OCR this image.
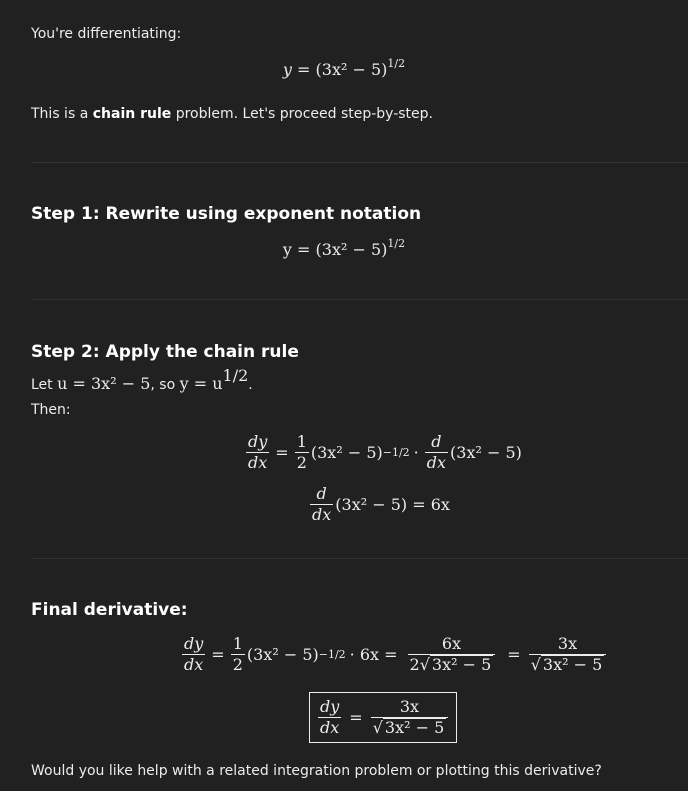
You're differentiating:
$y = (3x^2 - 5)^{1/2}$
This is a chain rule problem. Let's proceed step-by-step.
Step 1: Rewrite using exponent notation
$y = (3x^2 - 5)^{1/2}$
Step 2: Apply the chain rule
Let u = 3x² − 5, so $y = u^{1/2}$.
Then:
$\frac{dy}{dx} = \frac{1}{2} (3x^2 - 5) -1/2 \cdot \frac{d}{dx} (3x^2 - 5)$
$\frac{d}{dx} (3x^2 - 5) = 6x$
Final derivative:
$\frac{dy}{dx} = \frac{1}{2} (3x^2 - 5) -1/2 \cdot 6x = \frac{6x}{\text{2√ 3x² − 5}} = \frac{3x}{\text{√ 3x² − 5}}$
$\frac{dy}{dx} = \frac{3x}{\text{√ 3x² − 5}}$
Would you like help with a related integration problem or plotting this derivative?
